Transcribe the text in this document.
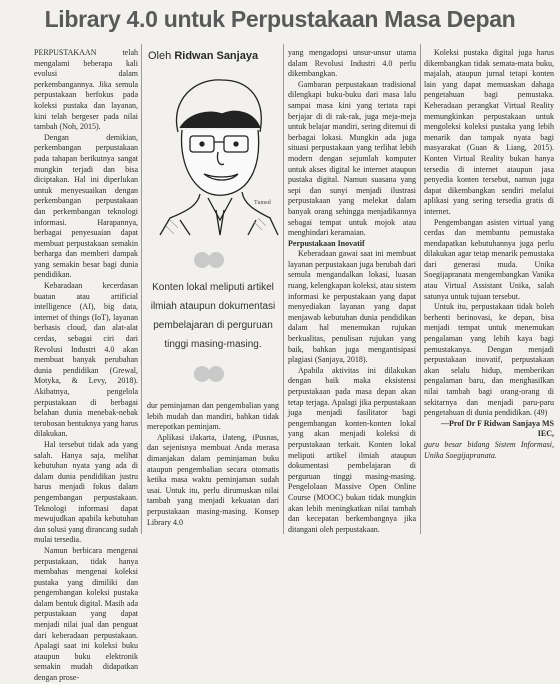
Library 4.0 untuk Perpustakaan Masa Depan

PERPUSTAKAAN telah mengalami beberapa kali evolusi dalam perkembangannya. Jika semula perpustakaan berfokus pada koleksi pustaka dan layanan, kini telah bergeser pada nilai tambah (Noh, 2015).

Dengan demikian, perkembangan perpustakaan pada tahapan berikutnya sangat mungkin terjadi dan bisa diciptakan. Hal ini diperlukan untuk menyesuaikan dengan perkembangan perpustakaan dan perkembangan teknologi informasi. Harapannya, berbagai penyesuaian dapat membuat perpustakaan semakin berharga dan memberi dampak yang semakin besar bagi dunia pendidikan.

Kebaradaan kecerdasan buatan atau artificial intelligence (AI), big data, internet of things (IoT), layanan berbasis cloud, dan alat-alat cerdas, sebagai ciri dari Revolusi Industri 4.0 akan membuat banyak perubahan dunia pendidikan (Grewal, Motyka, & Levy, 2018). Akibatnya, pengelola perpustakaan di berbagai belahan dunia menebak-nebak terobosan bentuknya yang harus dilakukan.

Hal tersebut tidak ada yang salah. Hanya saja, melihat kebutuhan nyata yang ada di dalam dunia pendidikan justru harus menjadi fokus dalam pengembangan perpustakaan. Teknologi informasi dapat mewujudkan apabila kebutuhan dan solusi yang dirancang sudah mulai tersedia.

Namun berbicara mengenai perpustakaan, tidak hanya membahas mengenai koleksi pustaka yang dimiliki dan pengembangan koleksi pustaka dalam bentuk digital. Masih ada perpustakaan yang dapat menjadi nilai jual dan penguat dari keberadaan perpustakaan. Apalagi saat ini koleksi buku ataupun buku elektronik semakin mudah didapatkan dengan prose-

Oleh Ridwan Sanjaya
Tumed
Konten lokal meliputi artikel ilmiah ataupun dokumentasi pembelajaran di perguruan tinggi masing-masing.

dur peminjaman dan pengembalian yang lebih mudah dan mandiri, bahkan tidak merepotkan peminjam.

Aplikasi iJakarta, iJateng, iPusnas, dan sejenisnya membuat Anda merasa dimanjakan dalam peminjaman buku ataupun pengembalian secara otomatis ketika masa waktu peminjaman sudah usai. Untuk itu, perlu dirumuskan nilai tambah yang menjadi kekuatan dari perpustakaan masing-masing. Konsep Library 4.0

yang mengadopsi unsur-unsur utama dalam Revolusi Industri 4.0 perlu dikembangkan.

Gambaran perpustakaan tradisional dilengkapi buku-buku dari masa lalu sampai masa kini yang tertata rapi berjajar di di rak-rak, juga meja-meja untuk belajar mandiri, sering ditemui di berbagai lokasi. Mungkin ada juga situasi perpustakaan yang terlihat lebih modern dengan sejumlah komputer untuk akses digital ke internet ataupun pustaka digital. Namun suasana yang sepi dan sunyi menjadi ilustrasi perpustakaan yang melekat dalam banyak orang sehingga menjadikannya sebagai tempat untuk mojok atau menghindari keramaian.

Perpustakaan Inovatif

Keberadaan gawai saat ini membuat layanan perpustakaan juga berubah dari semula mengandalkan lokasi, luasan ruang, kelengkapan koleksi, atau sistem informasi ke perpustakaan yang dapat menyediakan layanan yang dapat menjawab kebutuhan dunia pendidikan dalam hal menemukan rujukan berkualitas, penulisan rujukan yang baik, bahkan juga mengantisipasi plagiasi (Sanjaya, 2018).

Apabila aktivitas ini dilakukan dengan baik maka eksistensi perpustakaan pada masa depan akan tetap terjaga. Apalagi jika perpustakaan juga menjadi fasilitator bagi pengembangan konten-konten lokal yang akan menjadi koleksi di perpustakaan terkait. Konten lokal meliputi artikel ilmiah ataupun dokumentasi pembelajaran di perguruan tinggi masing-masing. Pengelolaan Massive Open Online Course (MOOC) bukan tidak mungkin akan lebih meningkatkan nilai tambah dan kecepatan berkembangnya jika ditangani oleh perpustakaan.

Koleksi pustaka digital juga harus dikembangkan tidak semata-mata buku, majalah, ataupun jurnal tetapi konten lain yang dapat memuaskan dahaga pengetahuan bagi pemustaka. Keberadaan perangkat Virtual Reality memungkinkan perpustakaan untuk mengoleksi koleksi pustaka yang lebih menarik dan tampak nyata bagi masyarakat (Guan & Liang, 2015). Konten Virtual Reality bukan hanya tersedia di internet ataupun jasa penyedia konten tersebut, namun juga dapat dikembangkan sendiri melalui aplikasi yang sering tersedia gratis di internet.

Pengembangan asisten virtual yang cerdas dan membantu pemustaka mendapatkan kebutuhannya juga perlu dilakukan agar tetap menarik pemustaka dari generasi muda. Unika Soegijapranata mengembangkan Vanika atau Virtual Assistant Unika, salah satunya untuk tujuan tersebut.

Untuk itu, perpustakaan tidak boleh berhenti berinovasi, ke depan, bisa menjadi tempat untuk menemukan pengalaman yang lebih kaya bagi pemustakanya. Dengan menjadi perpustakaan inovatif, perpustakaan akan selalu hidup, memberikan pengalaman baru, dan menghasilkan nilai tambah bagi orang-orang di sekitarnya dan menjadi paru-paru pengetahuan di dunia pendidikan. (49)

—Prof Dr F Ridwan Sanjaya MS IEC,

guru besar bidang Sistem Informasi, Unika Soegijapranata.
